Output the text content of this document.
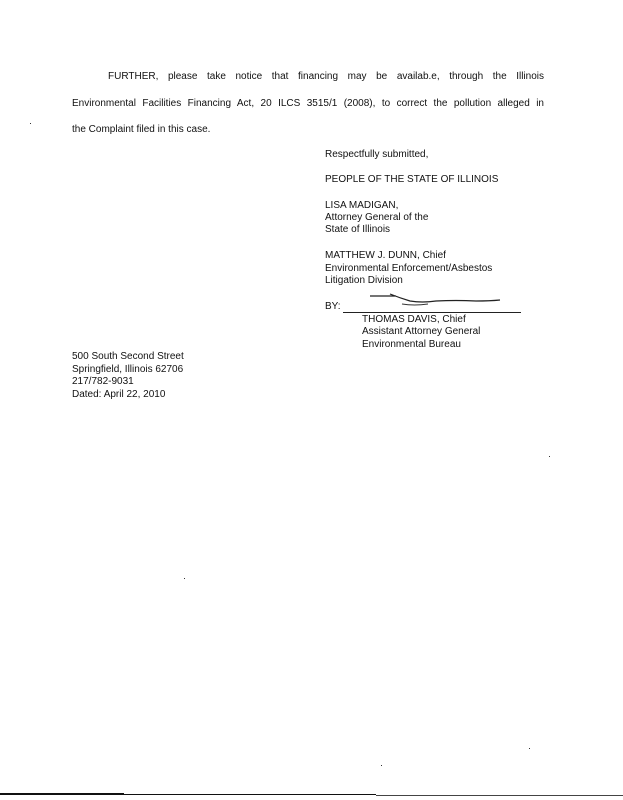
FURTHER, please take notice that financing may be availab.e, through the Illinois
Environmental Facilities Financing Act, 20 ILCS 3515/1 (2008), to correct the pollution alleged in
the Complaint filed in this case.
Respectfully submitted,
PEOPLE OF THE STATE OF ILLINOIS
LISA MADIGAN,
Attorney General of the
State of Illinois
MATTHEW J. DUNN, Chief
Environmental Enforcement/Asbestos
Litigation Division
BY:
THOMAS DAVIS, Chief
Assistant Attorney General
Environmental Bureau
500 South Second Street
Springfield, Illinois 62706
217/782-9031
Dated: April 22, 2010
